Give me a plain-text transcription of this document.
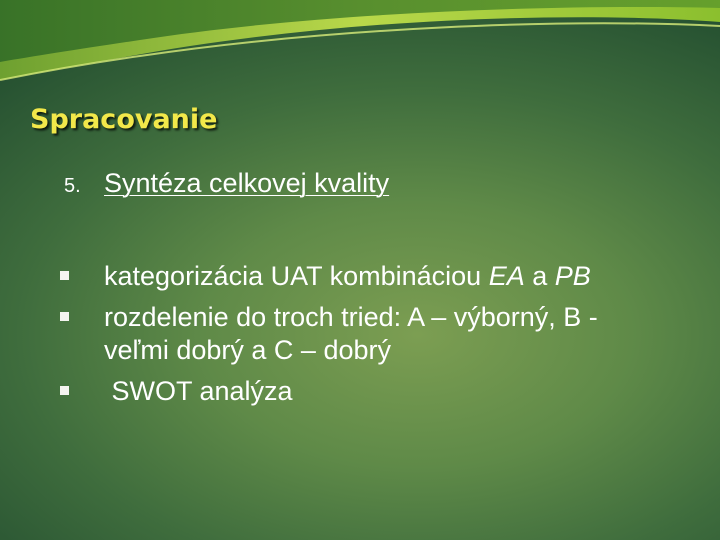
Spracovanie
5. Syntéza celkovej kvality
kategorizácia UAT kombináciou EA a PB
rozdelenie do troch tried: A – výborný, B - veľmi dobrý a C – dobrý
SWOT analýza
